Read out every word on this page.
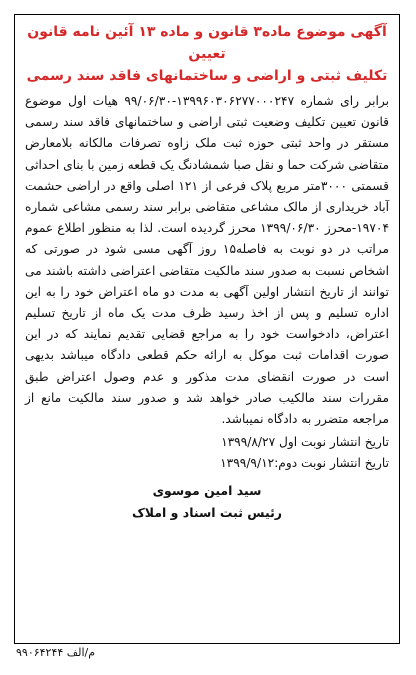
آگهی موضوع ماده۳ قانون و ماده ۱۳ آئین نامه قانون تعیین
تکلیف ثبتی و اراضی و ساختمانهای فاقد سند رسمی
برابر رای شماره ۱۳۹۹۶۰۳۰۶۲۷۷۰۰۰۲۴۷-۹۹/۰۶/۳۰ هیات اول موضوع قانون تعیین تکلیف وضعیت ثبتی اراضی و ساختمانهای فاقد سند رسمی مستقر در واحد ثبتی حوزه ثبت ملک زاوه تصرفات مالکانه بلامعارض متقاضی شرکت حما و نقل صبا شمشادنگ یک قطعه زمین با بنای احداثی قسمتی ۳۰۰۰متر مربع پلاک فرعی از ۱۲۱ اصلی واقع در اراضی حشمت آباد خریداری از مالک مشاعی متقاضی برابر سند رسمی مشاعی شماره ۱۹۷۰۴-محرز ۱۳۹۹/۰۶/۳۰ محرز گردیده است. لذا به منظور اطلاع عموم مراتب در دو نوبت به فاصله۱۵ روز آگهی مسی شود در صورتی که اشخاص نسبت به صدور سند مالکیت متقاضی اعتراضی داشته باشند می توانند از تاریخ انتشار اولین آگهی به مدت دو ماه اعتراض خود را به این اداره تسلیم و پس از اخذ رسید ظرف مدت یک ماه از تاریخ تسلیم اعتراض، دادخواست خود را به مراجع قضایی تقدیم نمایند که در این صورت اقدامات ثبت موکل به ارائه حکم قطعی دادگاه میباشد بدیهی است در صورت انقضای مدت مذکور و عدم وصول اعتراض طبق مقررات سند مالکیب صادر خواهد شد و صدور سند مالکیت مانع از مراجعه متضرر به دادگاه نمیباشد.
تاریخ انتشار نوبت اول ۱۳۹۹/۸/۲۷
تاریخ انتشار نوبت دوم:۱۳۹۹/۹/۱۲
سید امین موسوی
رئیس ثبت اسناد و املاک
م/الف ۹۹۰۶۴۲۴۴
